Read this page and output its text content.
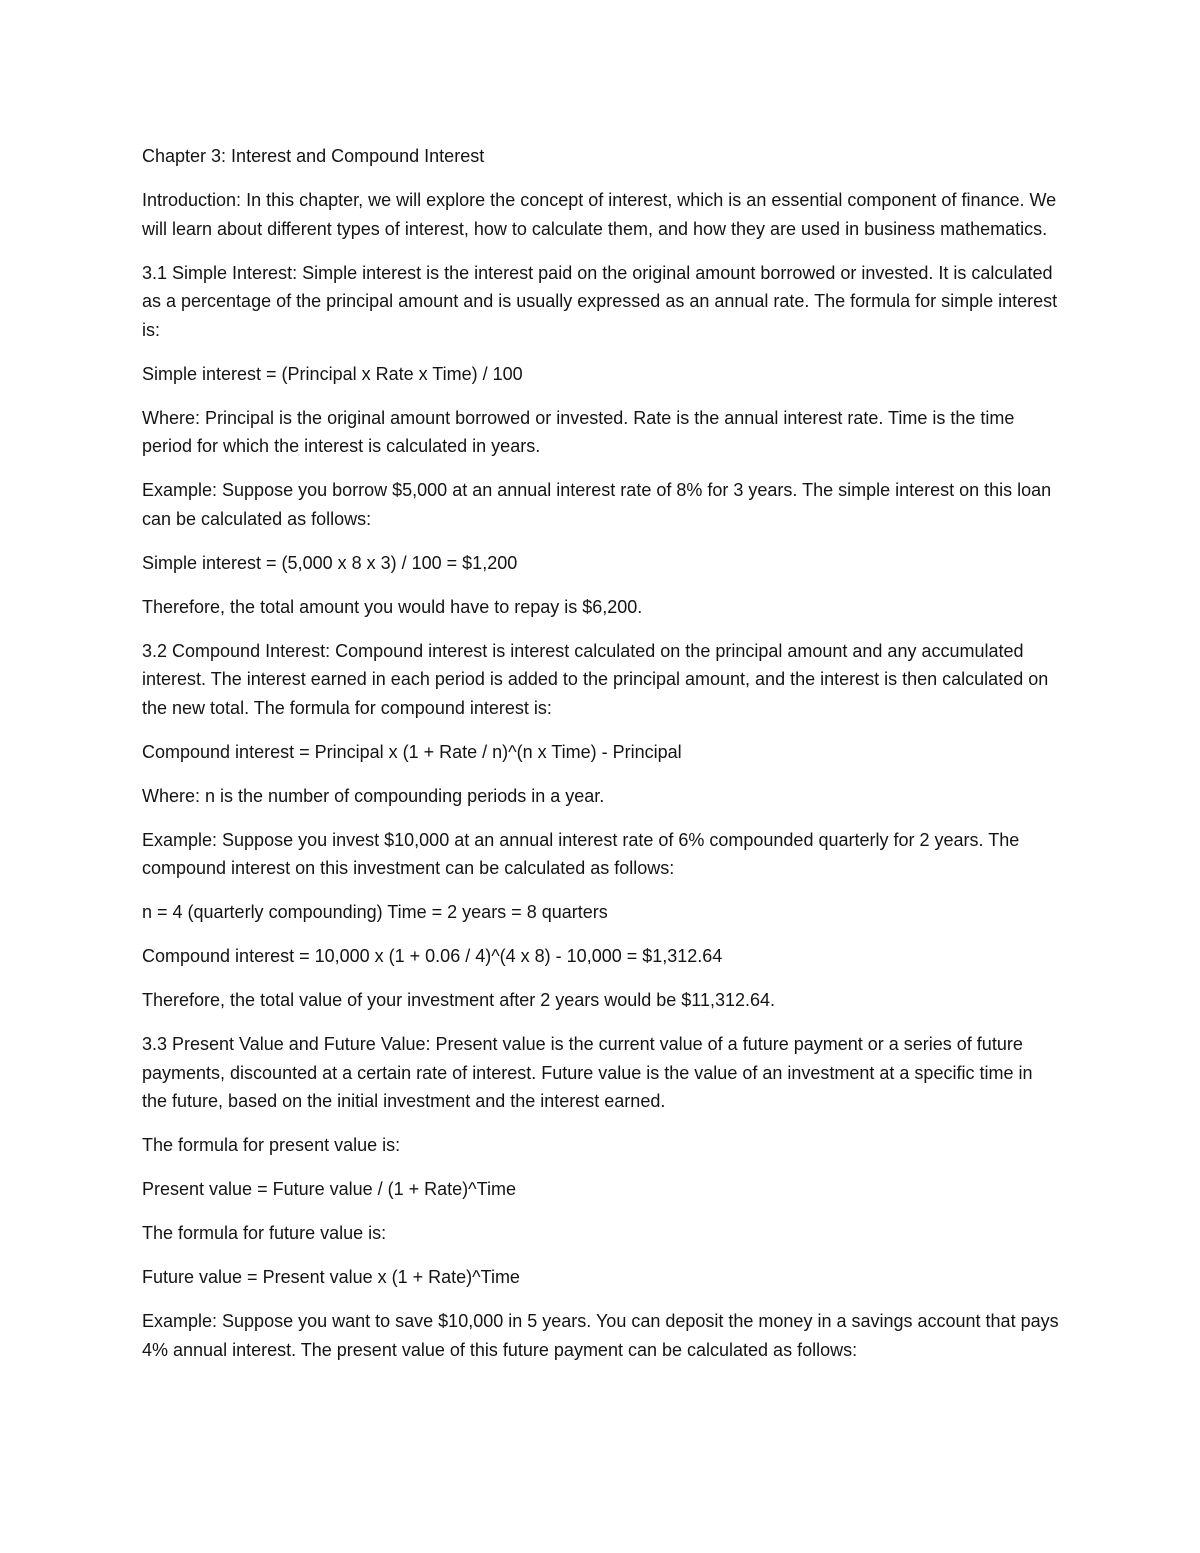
Chapter 3: Interest and Compound Interest

Introduction: In this chapter, we will explore the concept of interest, which is an essential component of finance. We will learn about different types of interest, how to calculate them, and how they are used in business mathematics.

3.1 Simple Interest: Simple interest is the interest paid on the original amount borrowed or invested. It is calculated as a percentage of the principal amount and is usually expressed as an annual rate. The formula for simple interest is:

Simple interest = (Principal x Rate x Time) / 100

Where: Principal is the original amount borrowed or invested. Rate is the annual interest rate. Time is the time period for which the interest is calculated in years.

Example: Suppose you borrow $5,000 at an annual interest rate of 8% for 3 years. The simple interest on this loan can be calculated as follows:

Simple interest = (5,000 x 8 x 3) / 100 = $1,200

Therefore, the total amount you would have to repay is $6,200.

3.2 Compound Interest: Compound interest is interest calculated on the principal amount and any accumulated interest. The interest earned in each period is added to the principal amount, and the interest is then calculated on the new total. The formula for compound interest is:

Compound interest = Principal x (1 + Rate / n)^(n x Time) - Principal

Where: n is the number of compounding periods in a year.

Example: Suppose you invest $10,000 at an annual interest rate of 6% compounded quarterly for 2 years. The compound interest on this investment can be calculated as follows:

n = 4 (quarterly compounding) Time = 2 years = 8 quarters

Compound interest = 10,000 x (1 + 0.06 / 4)^(4 x 8) - 10,000 = $1,312.64

Therefore, the total value of your investment after 2 years would be $11,312.64.

3.3 Present Value and Future Value: Present value is the current value of a future payment or a series of future payments, discounted at a certain rate of interest. Future value is the value of an investment at a specific time in the future, based on the initial investment and the interest earned.

The formula for present value is:

Present value = Future value / (1 + Rate)^Time

The formula for future value is:

Future value = Present value x (1 + Rate)^Time

Example: Suppose you want to save $10,000 in 5 years. You can deposit the money in a savings account that pays 4% annual interest. The present value of this future payment can be calculated as follows:
